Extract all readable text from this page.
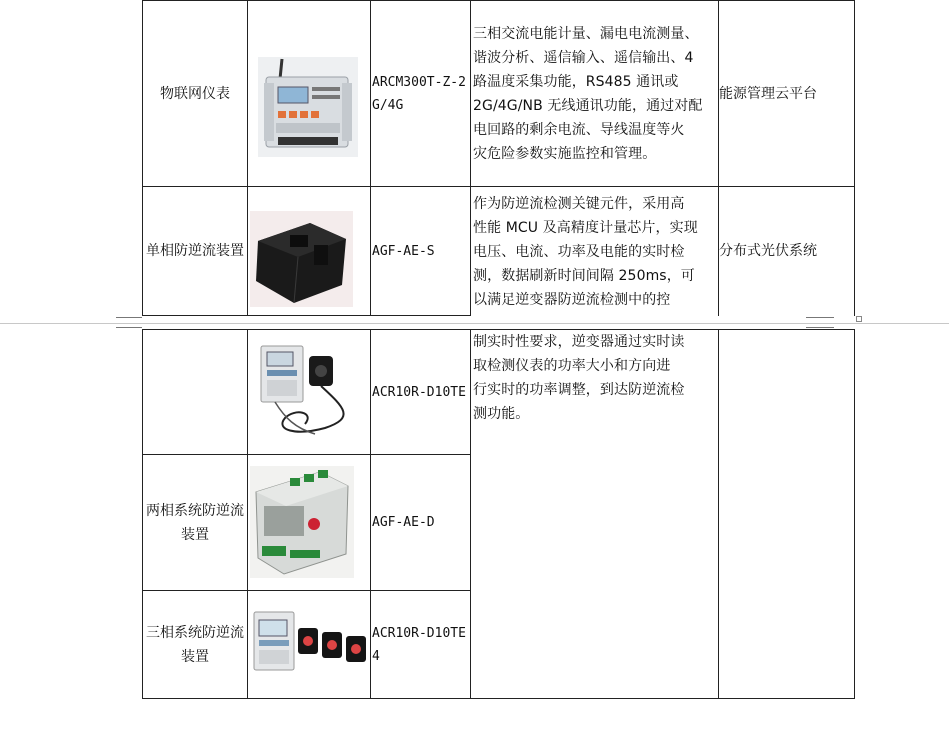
物联网仪表
ARCM300T-Z-2G/4G
三相交流电能计量、漏电电流测量、
谐波分析、遥信输入、遥信输出、4
路温度采集功能，RS485 通讯或
2G/4G/NB 无线通讯功能，通过对配
电回路的剩余电流、导线温度等火
灾危险参数实施监控和管理。
能源管理云平台
单相防逆流装置	AGF-AE-S
作为防逆流检测关键元件，采用高
性能 MCU 及高精度计量芯片，实现
电压、电流、功率及电能的实时检
测，数据刷新时间间隔 250ms，可
以满足逆变器防逆流检测中的控
分布式光伏系统
ACR10R-D10TE
制实时性要求，逆变器通过实时读
取检测仪表的功率大小和方向进
行实时的功率调整，到达防逆流检
测功能。
两相系统防逆流装置
AGF-AE-D
三相系统防逆流装置
ACR10R-D10TE4
